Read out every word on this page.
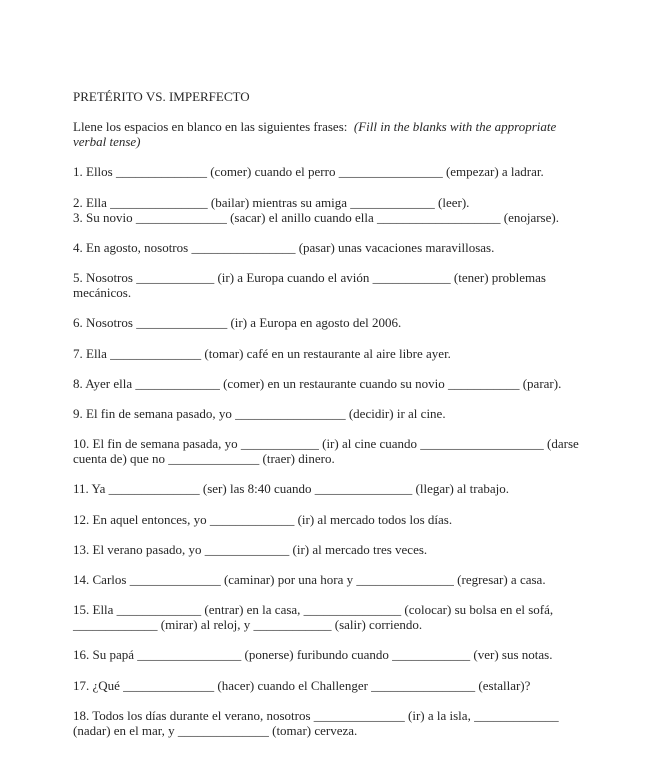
PRETÉRITO VS. IMPERFECTO
Llene los espacios en blanco en las siguientes frases:  (Fill in the blanks with the appropriate
verbal tense)
1. Ellos ______________ (comer) cuando el perro ________________ (empezar) a ladrar.
2. Ella _______________ (bailar) mientras su amiga _____________ (leer).
3. Su novio ______________ (sacar) el anillo cuando ella ___________________ (enojarse).
4. En agosto, nosotros ________________ (pasar) unas vacaciones maravillosas.
5. Nosotros ____________ (ir) a Europa cuando el avión ____________ (tener) problemas
mecánicos.
6. Nosotros ______________ (ir) a Europa en agosto del 2006.
7. Ella ______________ (tomar) café en un restaurante al aire libre ayer.
8. Ayer ella _____________ (comer) en un restaurante cuando su novio ___________ (parar).
9. El fin de semana pasado, yo _________________ (decidir) ir al cine.
10. El fin de semana pasada, yo ____________ (ir) al cine cuando ___________________ (darse
cuenta de) que no ______________ (traer) dinero.
11. Ya ______________ (ser) las 8:40 cuando _______________ (llegar) al trabajo.
12. En aquel entonces, yo _____________ (ir) al mercado todos los días.
13. El verano pasado, yo _____________ (ir) al mercado tres veces.
14. Carlos ______________ (caminar) por una hora y _______________ (regresar) a casa.
15. Ella _____________ (entrar) en la casa, _______________ (colocar) su bolsa en el sofá,
_____________ (mirar) al reloj, y ____________ (salir) corriendo.
16. Su papá ________________ (ponerse) furibundo cuando ____________ (ver) sus notas.
17. ¿Qué ______________ (hacer) cuando el Challenger ________________ (estallar)?
18. Todos los días durante el verano, nosotros ______________ (ir) a la isla, _____________
(nadar) en el mar, y ______________ (tomar) cerveza.
